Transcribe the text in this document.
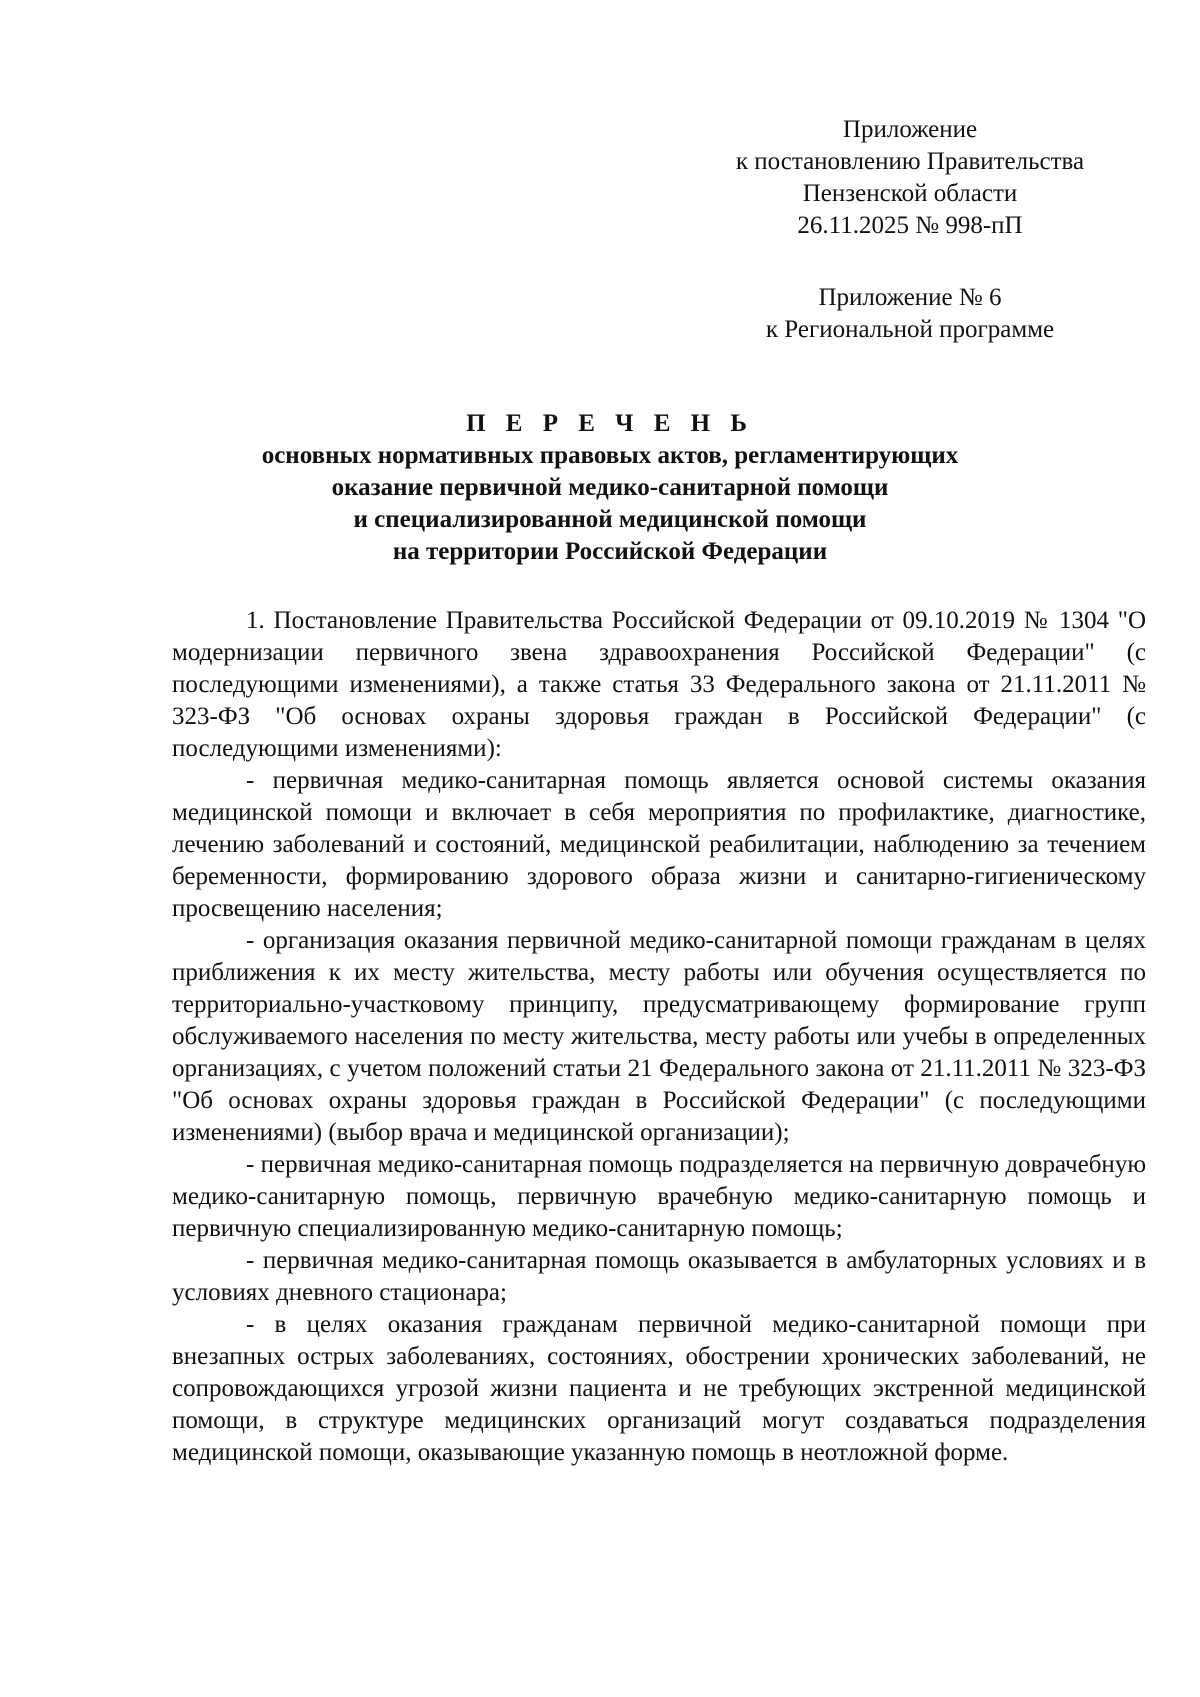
Приложение
к постановлению Правительства
Пензенской области
26.11.2025 № 998-пП
Приложение № 6
к Региональной программе
П Е Р Е Ч Е Н Ь
основных нормативных правовых актов, регламентирующих
оказание первичной медико-санитарной помощи
и специализированной медицинской помощи
на территории Российской Федерации

1. Постановление Правительства Российской Федерации от 09.10.2019 № 1304 "О модернизации первичного звена здравоохранения Российской Федерации" (с последующими изменениями), а также статья 33 Федерального закона от 21.11.2011 № 323-ФЗ "Об основах охраны здоровья граждан в Российской Федерации" (с последующими изменениями):

- первичная медико-санитарная помощь является основой системы оказания медицинской помощи и включает в себя мероприятия по профилактике, диагностике, лечению заболеваний и состояний, медицинской реабилитации, наблюдению за течением беременности, формированию здорового образа жизни и санитарно-гигиеническому просвещению населения;

- организация оказания первичной медико-санитарной помощи гражданам в целях приближения к их месту жительства, месту работы или обучения осуществляется по территориально-участковому принципу, предусматривающему формирование групп обслуживаемого населения по месту жительства, месту работы или учебы в определенных организациях, с учетом положений статьи 21 Федерального закона от 21.11.2011 № 323-ФЗ "Об основах охраны здоровья граждан в Российской Федерации" (с последующими изменениями) (выбор врача и медицинской организации);

- первичная медико-санитарная помощь подразделяется на первичную доврачебную медико-санитарную помощь, первичную врачебную медико-санитарную помощь и первичную специализированную медико-санитарную помощь;

- первичная медико-санитарная помощь оказывается в амбулаторных условиях и в условиях дневного стационара;

- в целях оказания гражданам первичной медико-санитарной помощи при внезапных острых заболеваниях, состояниях, обострении хронических заболеваний, не сопровождающихся угрозой жизни пациента и не требующих экстренной медицинской помощи, в структуре медицинских организаций могут создаваться подразделения медицинской помощи, оказывающие указанную помощь в неотложной форме.
